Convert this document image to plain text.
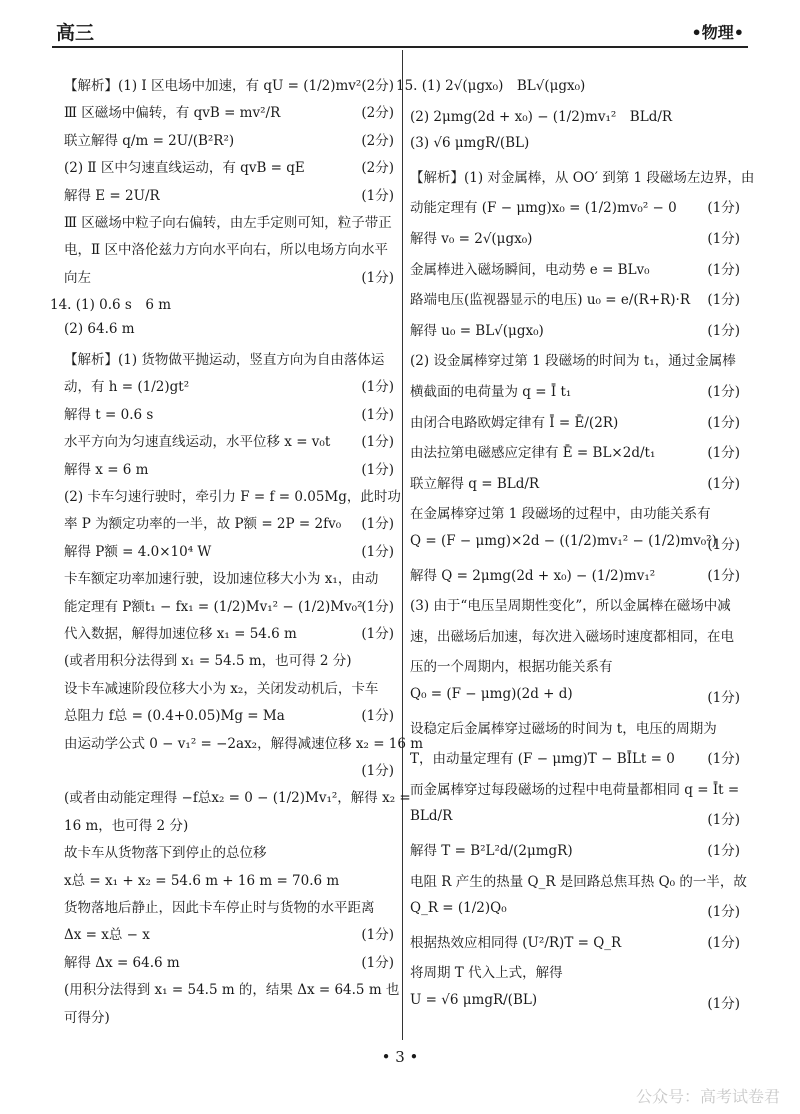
高三	•物理•
【解析】(1) Ⅰ 区电场中加速，有 qU = (1/2)mv² (2分)
Ⅲ 区磁场中偏转，有 qvB = mv²/R	(2分)
联立解得 q/m = 2U/(B²R²)	(2分)
(2) Ⅱ 区中匀速直线运动，有 qvB = qE	(2分)
解得 E = 2U/R	(1分)
Ⅲ 区磁场中粒子向右偏转，由左手定则可知，粒子带正
电，Ⅱ 区中洛伦兹力方向水平向右，所以电场方向水平
向左	(1分)
14. (1) 0.6 s　6 m
(2) 64.6 m
【解析】(1) 货物做平抛运动，竖直方向为自由落体运
动，有 h = (1/2)gt²	(1分)
解得 t = 0.6 s	(1分)
水平方向为匀速直线运动，水平位移 x = v₀t (1分)
解得 x = 6 m	(1分)
(2) 卡车匀速行驶时，牵引力 F = f = 0.05Mg，此时功
率 P 为额定功率的一半，故 P额 = 2P = 2fv₀ (1分)
解得 P额 = 4.0×10⁴ W	(1分)
卡车额定功率加速行驶，设加速位移大小为 x₁，由动
能定理有 P额t₁ − fx₁ = (1/2)Mv₁² − (1/2)Mv₀²
(1分)
代入数据，解得加速位移 x₁ = 54.6 m	(1分)
(或者用积分法得到 x₁ = 54.5 m，也可得 2 分)
设卡车减速阶段位移大小为 x₂，关闭发动机后，卡车
总阻力 f总 = (0.4+0.05)Mg = Ma	(1分)
由运动学公式 0 − v₁² = −2ax₂，解得减速位移 x₂ = 16 m
(1分)
(或者由动能定理得 −f总x₂ = 0 − (1/2)Mv₁²，解得 x₂ =
16 m，也可得 2 分)
故卡车从货物落下到停止的总位移
x总 = x₁ + x₂ = 54.6 m + 16 m = 70.6 m
货物落地后静止，因此卡车停止时与货物的水平距离
Δx = x总 − x	(1分)
解得 Δx = 64.6 m	(1分)
(用积分法得到 x₁ = 54.5 m 的，结果 Δx = 64.5 m 也
可得分)
15. (1) 2√(μgx₀)　BL√(μgx₀)
(2) 2μmg(2d + x₀) − (1/2)mv₁²　BLd/R
(3) √6 μmgR/(BL)
【解析】(1) 对金属棒，从 OO′ 到第 1 段磁场左边界，由
动能定理有 (F − μmg)x₀ = (1/2)mv₀² − 0 (1分)
解得 v₀ = 2√(μgx₀)	(1分)
金属棒进入磁场瞬间，电动势 e = BLv₀	(1分)
路端电压(监视器显示的电压) u₀ = e/(R+R)·R (1分)
解得 u₀ = BL√(μgx₀)	(1分)
(2) 设金属棒穿过第 1 段磁场的时间为 t₁，通过金属棒
横截面的电荷量为 q = Ī t₁	(1分)
由闭合电路欧姆定律有 Ī = Ē/(2R)	(1分)
由法拉第电磁感应定律有 Ē = BL×2d/t₁	(1分)
联立解得 q = BLd/R	(1分)
在金属棒穿过第 1 段磁场的过程中，由功能关系有
Q = (F − μmg)×2d − ((1/2)mv₁² − (1/2)mv₀²)
(1分)
解得 Q = 2μmg(2d + x₀) − (1/2)mv₁²	(1分)
(3) 由于“电压呈周期性变化”，所以金属棒在磁场中减
速，出磁场后加速，每次进入磁场时速度都相同，在电
压的一个周期内，根据功能关系有
Q₀ = (F − μmg)(2d + d)	(1分)
设稳定后金属棒穿过磁场的时间为 t，电压的周期为
T，由动量定理有 (F − μmg)T − BĪLt = 0 (1分)
而金属棒穿过每段磁场的过程中电荷量都相同 q = Īt =
BLd/R	(1分)
解得 T = B²L²d/(2μmgR)	(1分)
电阻 R 产生的热量 Q_R 是回路总焦耳热 Q₀ 的一半，故
Q_R = (1/2)Q₀	(1分)
根据热效应相同得 (U²/R)T = Q_R	(1分)
将周期 T 代入上式，解得
U = √6 μmgR/(BL)	(1分)
• 3 •
公众号：高考试卷君
